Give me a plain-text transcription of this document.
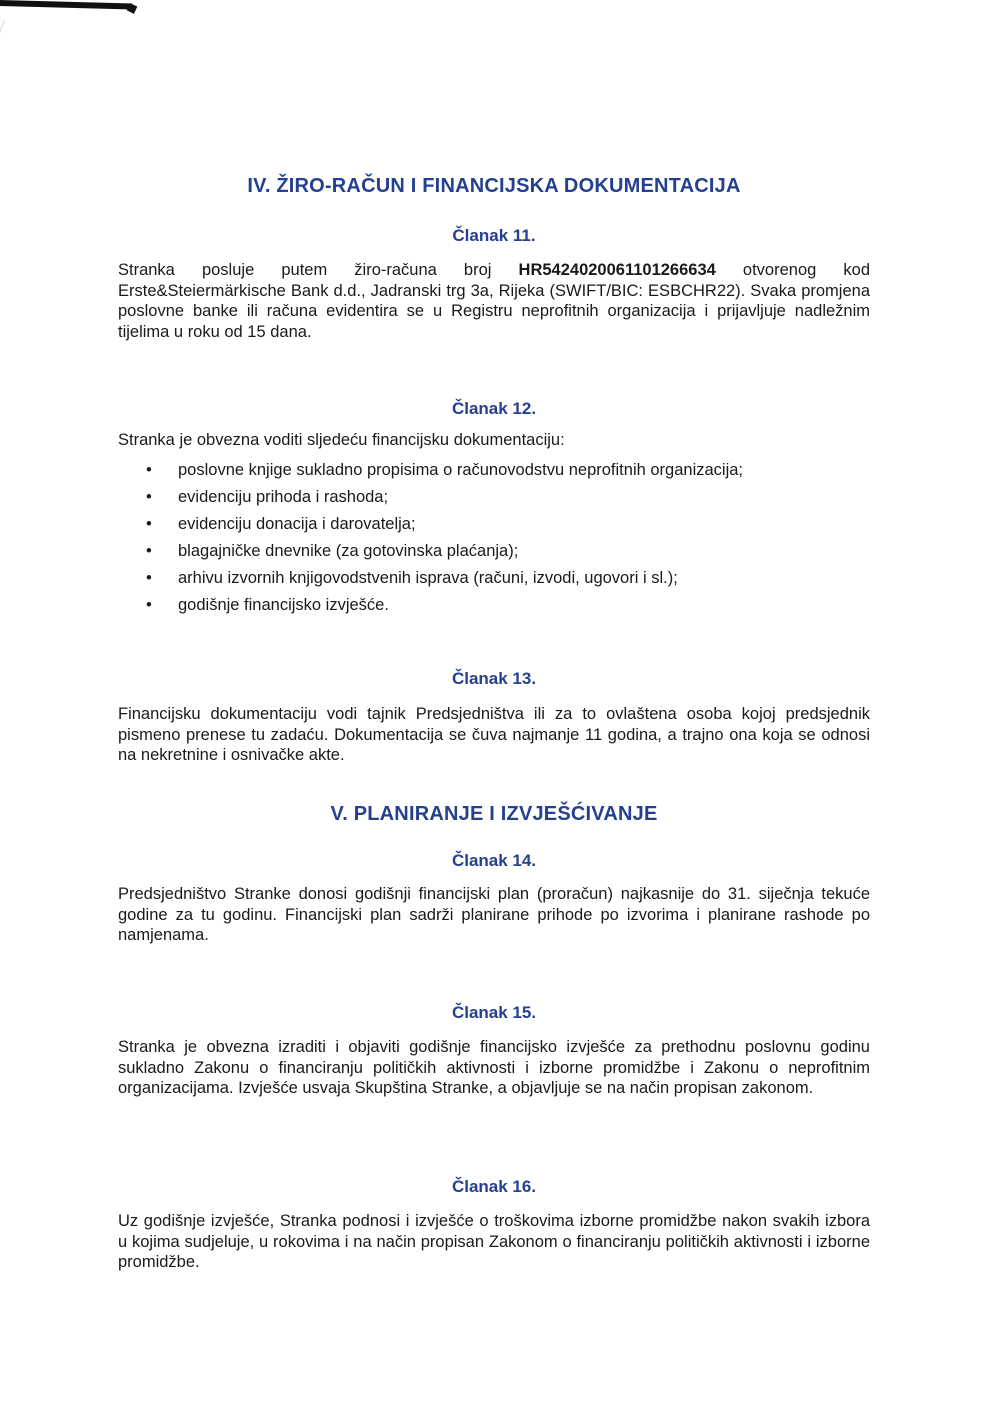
IV. ŽIRO-RAČUN I FINANCIJSKA DOKUMENTACIJA
Članak 11.

Stranka posluje putem žiro-računa broj HR5424020061101266634 otvorenog kod Erste&Steiermärkische Bank d.d., Jadranski trg 3a, Rijeka (SWIFT/BIC: ESBCHR22). Svaka promjena poslovne banke ili računa evidentira se u Registru neprofitnih organizacija i prijavljuje nadležnim tijelima u roku od 15 dana.

Članak 12.

Stranka je obvezna voditi sljedeću financijsku dokumentaciju:

• poslovne knjige sukladno propisima o računovodstvu neprofitnih organizacija;
• evidenciju prihoda i rashoda;
• evidenciju donacija i darovatelja;
• blagajničke dnevnike (za gotovinska plaćanja);
• arhivu izvornih knjigovodstvenih isprava (računi, izvodi, ugovori i sl.);
• godišnje financijsko izvješće.
Članak 13.

Financijsku dokumentaciju vodi tajnik Predsjedništva ili za to ovlaštena osoba kojoj predsjednik pismeno prenese tu zadaću. Dokumentacija se čuva najmanje 11 godina, a trajno ona koja se odnosi na nekretnine i osnivačke akte.

V. PLANIRANJE I IZVJEŠĆIVANJE
Članak 14.

Predsjedništvo Stranke donosi godišnji financijski plan (proračun) najkasnije do 31. siječnja tekuće godine za tu godinu. Financijski plan sadrži planirane prihode po izvorima i planirane rashode po namjenama.

Članak 15.

Stranka je obvezna izraditi i objaviti godišnje financijsko izvješće za prethodnu poslovnu godinu sukladno Zakonu o financiranju političkih aktivnosti i izborne promidžbe i Zakonu o neprofitnim organizacijama. Izvješće usvaja Skupština Stranke, a objavljuje se na način propisan zakonom.

Članak 16.

Uz godišnje izvješće, Stranka podnosi i izvješće o troškovima izborne promidžbe nakon svakih izbora u kojima sudjeluje, u rokovima i na način propisan Zakonom o financiranju političkih aktivnosti i izborne promidžbe.
